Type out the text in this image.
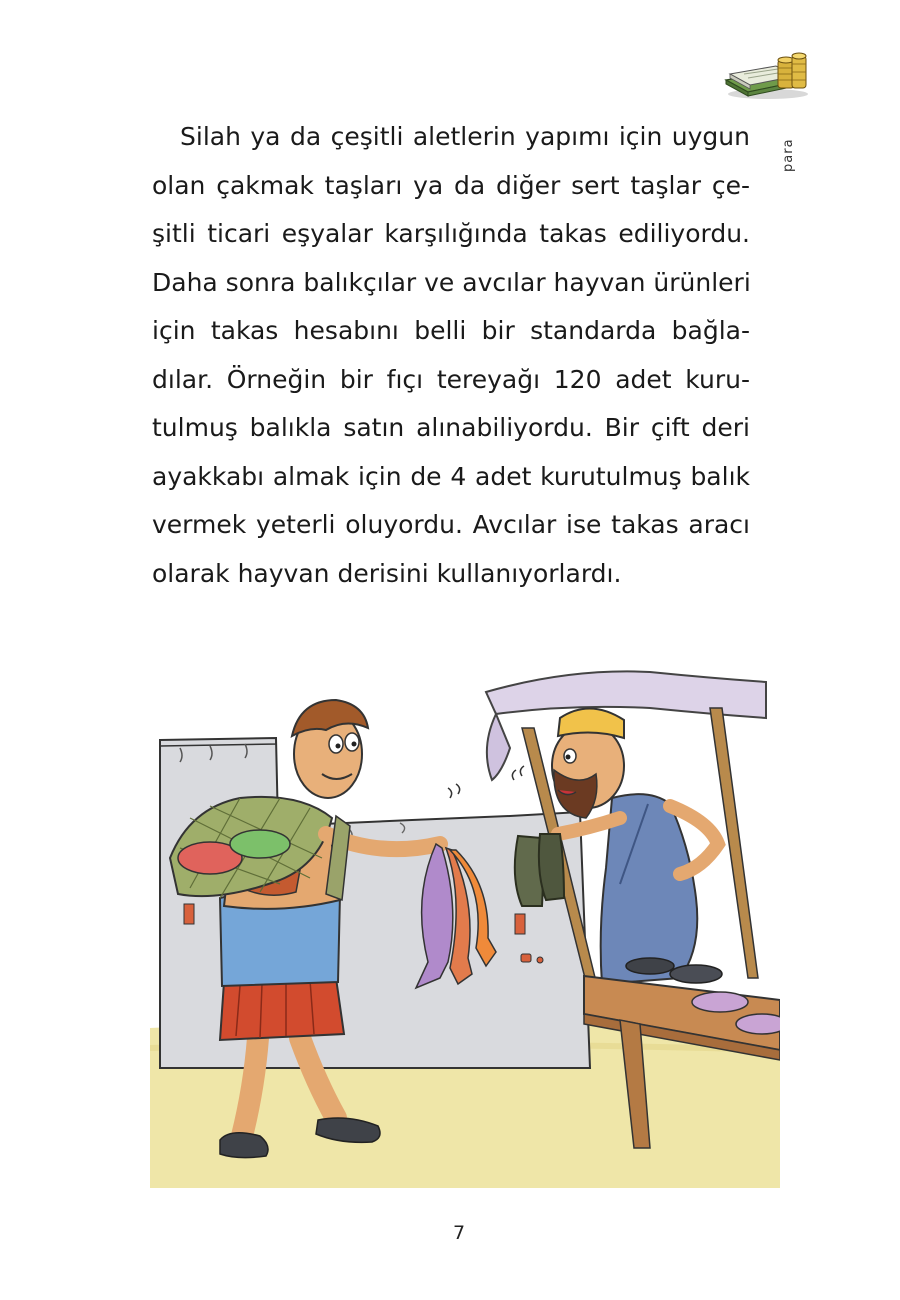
para

Silah ya da çeşitli aletlerin yapımı için uygun
olan çakmak taşları ya da diğer sert taşlar çe-
şitli ticari eşyalar karşılığında takas ediliyordu.
Daha sonra balıkçılar ve avcılar hayvan ürünleri
için takas hesabını belli bir standarda bağla-
dılar. Örneğin bir fıçı tereyağı 120 adet kuru-
tulmuş balıkla satın alınabiliyordu. Bir çift deri
ayakkabı almak için de 4 adet kurutulmuş balık
vermek yeterli oluyordu. Avcılar ise takas aracı
olarak hayvan derisini kullanıyorlardı.

7
